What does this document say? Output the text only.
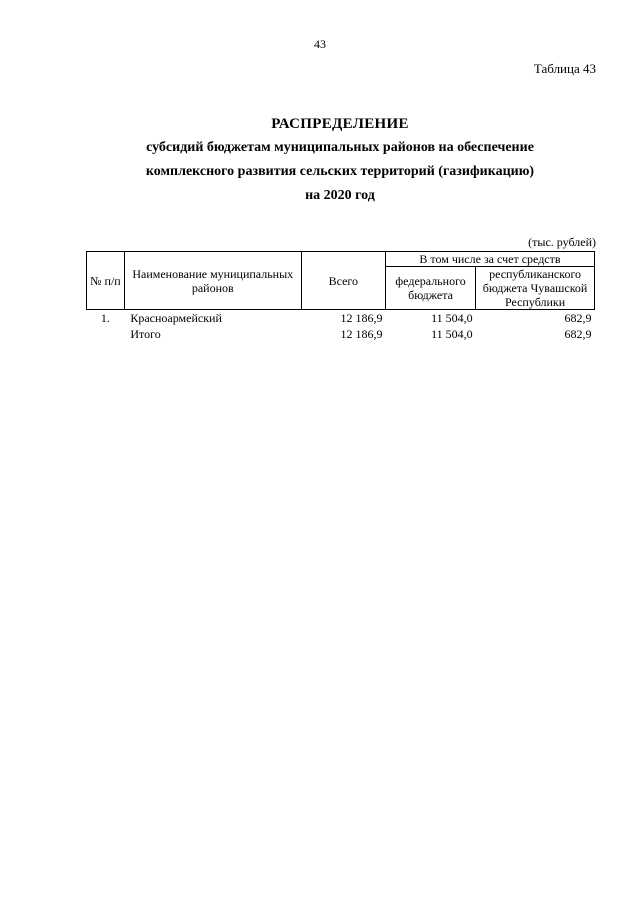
43
Таблица 43
РАСПРЕДЕЛЕНИЕ
субсидий бюджетам муниципальных районов на обеспечение
комплексного развития сельских территорий (газификацию)
на 2020 год
(тыс. рублей)
№ п/п	Наименование муниципальных районов	Всего	В том числе за счет средств	
			федерального бюджета	республиканского бюджета Чувашской Республики
1.	Красноармейский	12 186,9	11 504,0	682,9
	Итого	12 186,9	11 504,0	682,9
